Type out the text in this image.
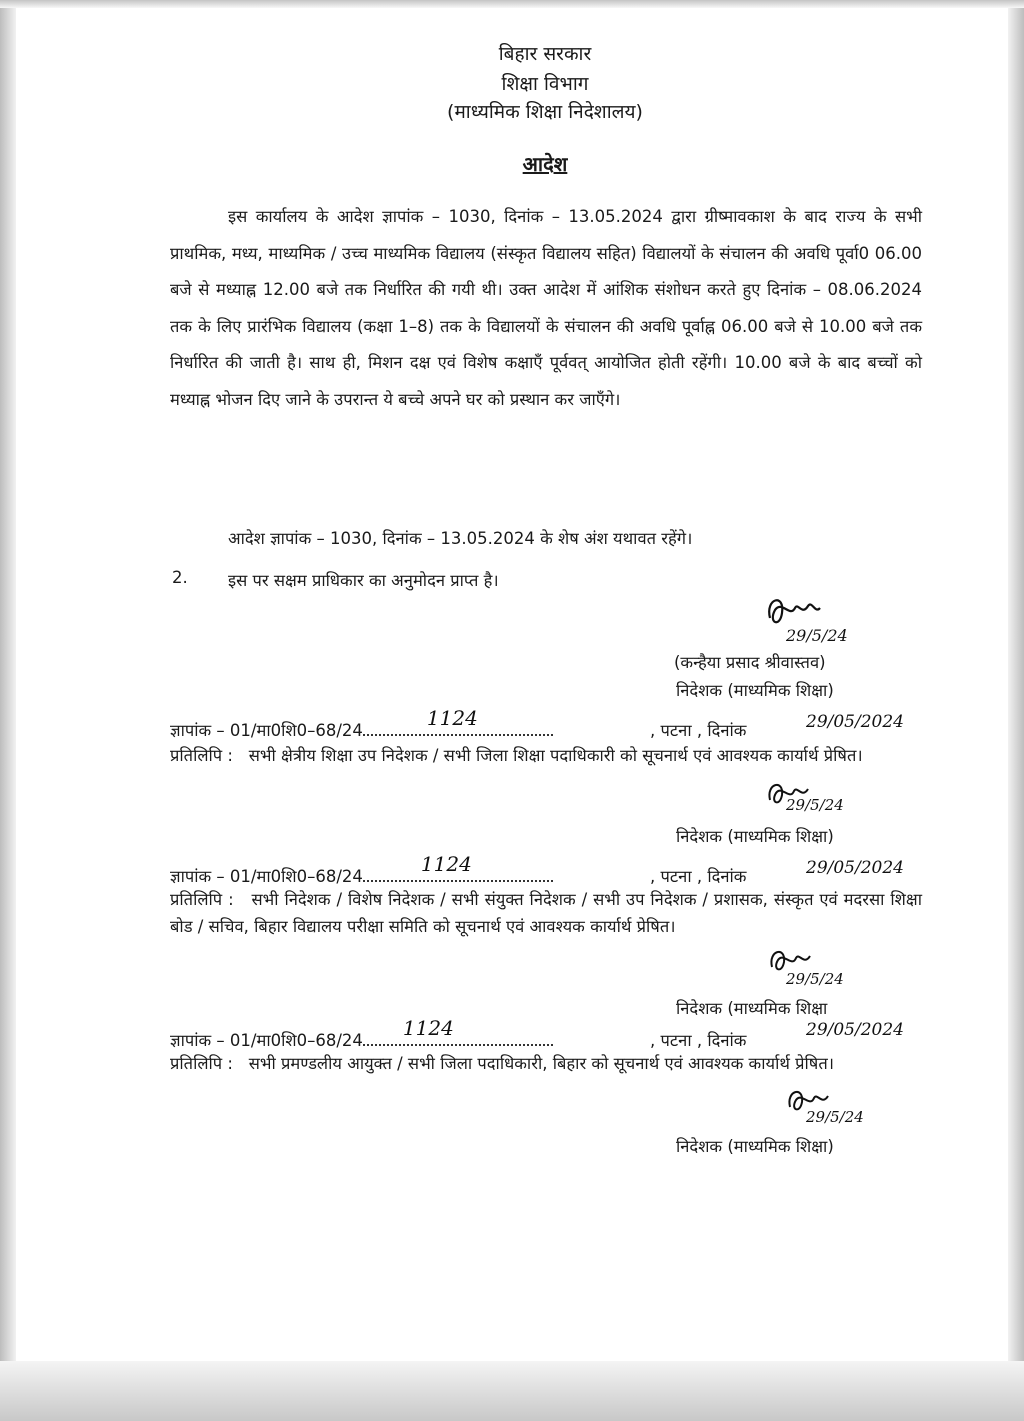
बिहार सरकार
शिक्षा विभाग
(माध्यमिक शिक्षा निदेशालय)
आदेश
इस कार्यालय के आदेश ज्ञापांक – 1030, दिनांक – 13.05.2024 द्वारा ग्रीष्मावकाश के बाद राज्य के सभी प्राथमिक, मध्य, माध्यमिक / उच्च माध्यमिक विद्यालय (संस्कृत विद्यालय सहित) विद्यालयों के संचालन की अवधि पूर्वा0 06.00 बजे से मध्याह्न 12.00 बजे तक निर्धारित की गयी थी। उक्त आदेश में आंशिक संशोधन करते हुए दिनांक – 08.06.2024 तक के लिए प्रारंभिक विद्यालय (कक्षा 1–8) तक के विद्यालयों के संचालन की अवधि पूर्वाह्न 06.00 बजे से 10.00 बजे तक निर्धारित की जाती है। साथ ही, मिशन दक्ष एवं विशेष कक्षाएँ पूर्ववत् आयोजित होती रहेंगी। 10.00 बजे के बाद बच्चों को मध्याह्न भोजन दिए जाने के उपरान्त ये बच्चे अपने घर को प्रस्थान कर जाएँगे।
आदेश ज्ञापांक – 1030, दिनांक – 13.05.2024 के शेष अंश यथावत रहेंगे।
2. इस पर सक्षम प्राधिकार का अनुमोदन प्राप्त है।
29/5/24
(कन्हैया प्रसाद श्रीवास्तव)
निदेशक (माध्यमिक शिक्षा)
ज्ञापांक – 01/मा0शि0–68/24
1124
, पटना , दिनांक	29/05/2024
प्रतिलिपि : सभी क्षेत्रीय शिक्षा उप निदेशक / सभी जिला शिक्षा पदाधिकारी को सूचनार्थ एवं आवश्यक कार्यार्थ प्रेषित।
29/5/24
निदेशक (माध्यमिक शिक्षा)
ज्ञापांक – 01/मा0शि0–68/24
1124
, पटना , दिनांक	29/05/2024
प्रतिलिपि : सभी निदेशक / विशेष निदेशक / सभी संयुक्त निदेशक / सभी उप निदेशक / प्रशासक, संस्कृत एवं मदरसा शिक्षा बोड / सचिव, बिहार विद्यालय परीक्षा समिति को सूचनार्थ एवं आवश्यक कार्यार्थ प्रेषित।
29/5/24
निदेशक (माध्यमिक शिक्षा
ज्ञापांक – 01/मा0शि0–68/24
1124
, पटना , दिनांक
29/05/2024
प्रतिलिपि : सभी प्रमण्डलीय आयुक्त / सभी जिला पदाधिकारी, बिहार को सूचनार्थ एवं आवश्यक कार्यार्थ प्रेषित।
29/5/24
निदेशक (माध्यमिक शिक्षा)
